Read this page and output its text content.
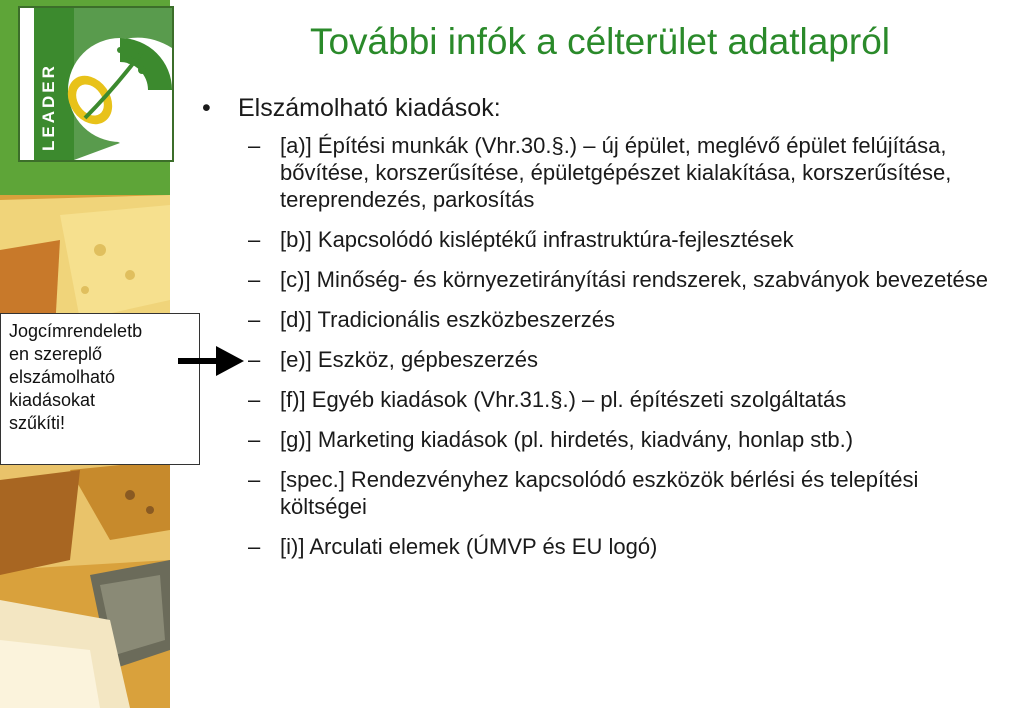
LEADER
További infók a célterület adatlapról
• Elszámolható kiadások:
– [a)] Építési munkák (Vhr.30.§.) – új épület, meglévő épület felújítása, bővítése, korszerűsítése, épületgépészet kialakítása, korszerűsítése, tereprendezés, parkosítás
– [b)] Kapcsolódó kisléptékű infrastruktúra-fejlesztések
– [c)] Minőség- és környezetirányítási rendszerek, szabványok bevezetése
– [d)] Tradicionális eszközbeszerzés
– [e)] Eszköz, gépbeszerzés
– [f)] Egyéb kiadások (Vhr.31.§.) – pl. építészeti szolgáltatás
– [g)] Marketing kiadások (pl. hirdetés, kiadvány, honlap stb.)
– [spec.] Rendezvényhez kapcsolódó eszközök bérlési és telepítési költségei
– [i)] Arculati elemek (ÚMVP és EU logó)
Jogcímrendeletb
en szereplő
elszámolható
kiadásokat
szűkíti!
